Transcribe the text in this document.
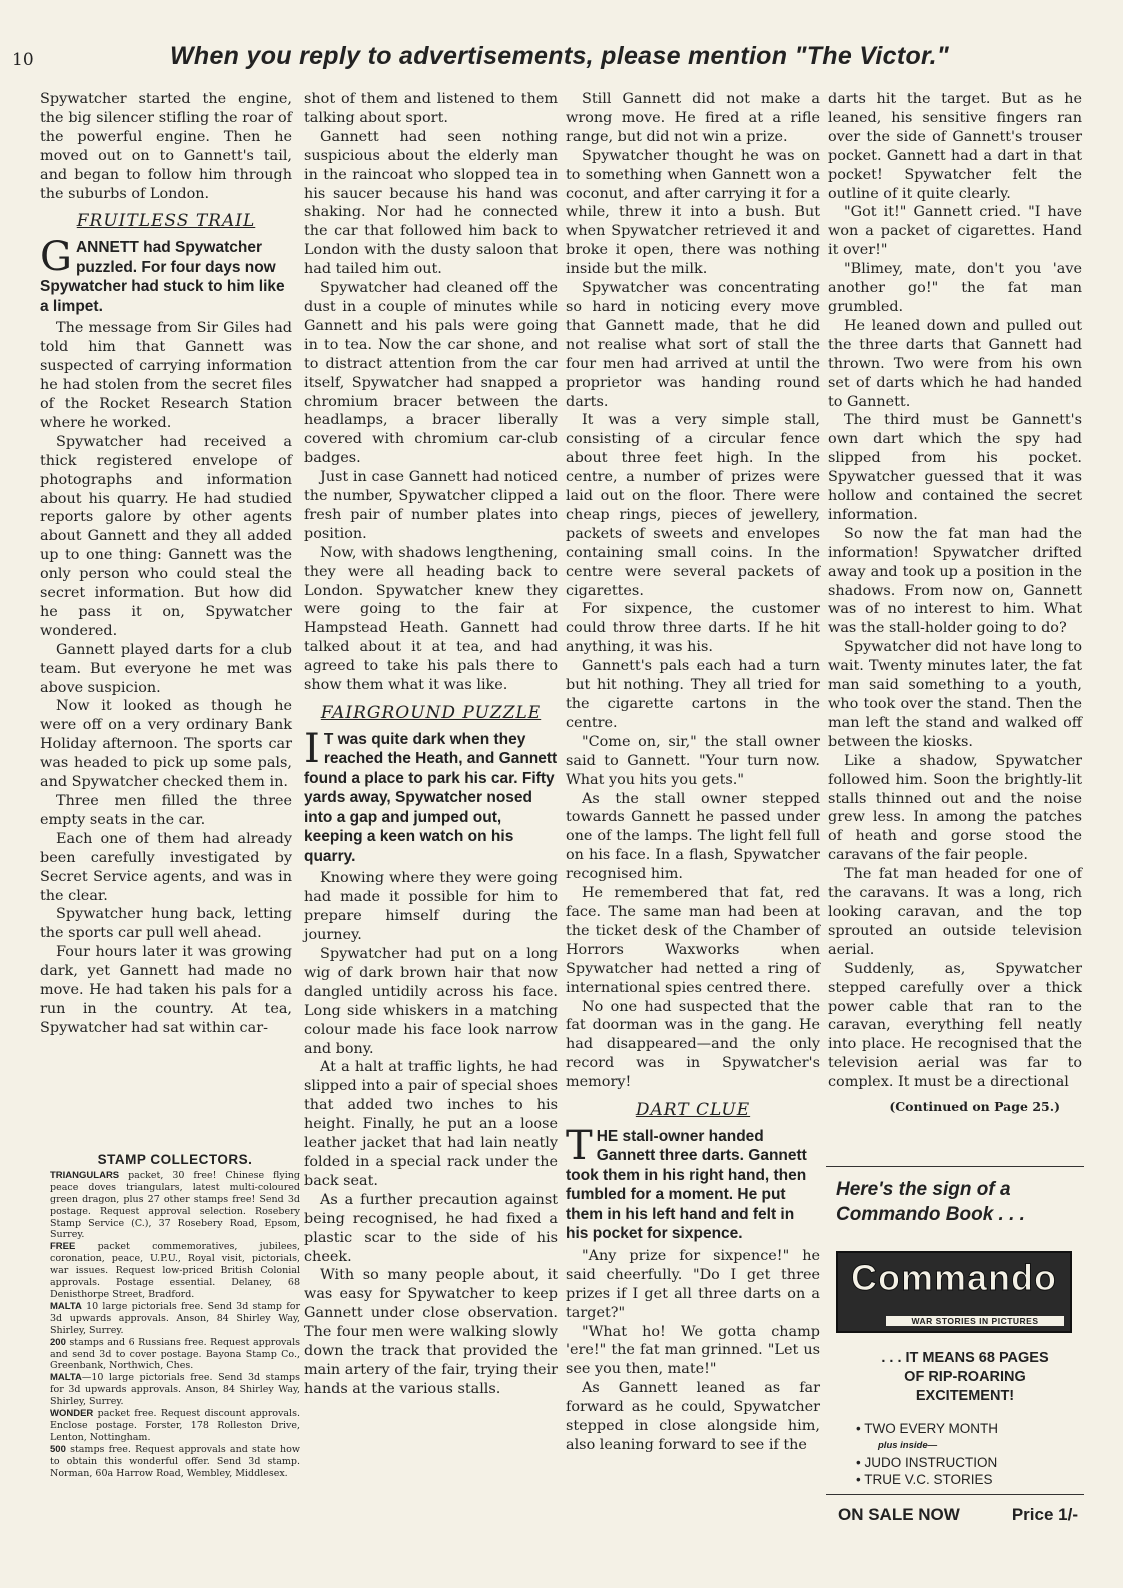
10	When you reply to advertisements, please mention "The Victor."

Spywatcher started the engine, the big silencer stifling the roar of the powerful engine. Then he moved out on to Gannett's tail, and began to follow him through the suburbs of London.

FRUITLESS TRAIL
GANNETT had Spywatcher puzzled. For four days now Spywatcher had stuck to him like a limpet.

The message from Sir Giles had told him that Gannett was suspected of carrying information he had stolen from the secret files of the Rocket Research Station where he worked.

Spywatcher had received a thick registered envelope of photographs and information about his quarry. He had studied reports galore by other agents about Gannett and they all added up to one thing: Gannett was the only person who could steal the secret information. But how did he pass it on, Spywatcher wondered.

Gannett played darts for a club team. But everyone he met was above suspicion.

Now it looked as though he were off on a very ordinary Bank Holiday afternoon. The sports car was headed to pick up some pals, and Spywatcher checked them in.

Three men filled the three empty seats in the car.

Each one of them had already been carefully investigated by Secret Service agents, and was in the clear.

Spywatcher hung back, letting the sports car pull well ahead.

Four hours later it was growing dark, yet Gannett had made no move. He had taken his pals for a run in the country. At tea, Spywatcher had sat within car-

STAMP COLLECTORS.

TRIANGULARS packet, 30 free! Chinese flying peace doves triangulars, latest multi-coloured green dragon, plus 27 other stamps free! Send 3d postage. Request approval selection. Rosebery Stamp Service (C.), 37 Rosebery Road, Epsom, Surrey.

FREE packet commemoratives, jubilees, coronation, peace, U.P.U., Royal visit, pictorials, war issues. Request low-priced British Colonial approvals. Postage essential. Delaney, 68 Denisthorpe Street, Bradford.

MALTA 10 large pictorials free. Send 3d stamp for 3d upwards approvals. Anson, 84 Shirley Way, Shirley, Surrey.

200 stamps and 6 Russians free. Request approvals and send 3d to cover postage. Bayona Stamp Co., Greenbank, Northwich, Ches.

MALTA—10 large pictorials free. Send 3d stamps for 3d upwards approvals. Anson, 84 Shirley Way, Shirley, Surrey.

WONDER packet free. Request discount approvals. Enclose postage. Forster, 178 Rolleston Drive, Lenton, Nottingham.

500 stamps free. Request approvals and state how to obtain this wonderful offer. Send 3d stamp. Norman, 60a Harrow Road, Wembley, Middlesex.

shot of them and listened to them talking about sport.

Gannett had seen nothing suspicious about the elderly man in the raincoat who slopped tea in his saucer because his hand was shaking. Nor had he connected the car that followed him back to London with the dusty saloon that had tailed him out.

Spywatcher had cleaned off the dust in a couple of minutes while Gannett and his pals were going in to tea. Now the car shone, and to distract attention from the car itself, Spywatcher had snapped a chromium bracer between the headlamps, a bracer liberally covered with chromium car-club badges.

Just in case Gannett had noticed the number, Spywatcher clipped a fresh pair of number plates into position.

Now, with shadows lengthening, they were all heading back to London. Spywatcher knew they were going to the fair at Hampstead Heath. Gannett had talked about it at tea, and had agreed to take his pals there to show them what it was like.

FAIRGROUND PUZZLE
I T was quite dark when they reached the Heath, and Gannett found a place to park his car. Fifty yards away, Spywatcher nosed into a gap and jumped out, keeping a keen watch on his quarry.

Knowing where they were going had made it possible for him to prepare himself during the journey.

Spywatcher had put on a long wig of dark brown hair that now dangled untidily across his face. Long side whiskers in a matching colour made his face look narrow and bony.

At a halt at traffic lights, he had slipped into a pair of special shoes that added two inches to his height. Finally, he put an a loose leather jacket that had lain neatly folded in a special rack under the back seat.

As a further precaution against being recognised, he had fixed a plastic scar to the side of his cheek.

With so many people about, it was easy for Spywatcher to keep Gannett under close observation. The four men were walking slowly down the track that provided the main artery of the fair, trying their hands at the various stalls.

Still Gannett did not make a wrong move. He fired at a rifle range, but did not win a prize.

Spywatcher thought he was on to something when Gannett won a coconut, and after carrying it for a while, threw it into a bush. But when Spywatcher retrieved it and broke it open, there was nothing inside but the milk.

Spywatcher was concentrating so hard in noticing every move that Gannett made, that he did not realise what sort of stall the four men had arrived at until the proprietor was handing round darts.

It was a very simple stall, consisting of a circular fence about three feet high. In the centre, a number of prizes were laid out on the floor. There were cheap rings, pieces of jewellery, packets of sweets and envelopes containing small coins. In the centre were several packets of cigarettes.

For sixpence, the customer could throw three darts. If he hit anything, it was his.

Gannett's pals each had a turn but hit nothing. They all tried for the cigarette cartons in the centre.

"Come on, sir," the stall owner said to Gannett. "Your turn now. What you hits you gets."

As the stall owner stepped towards Gannett he passed under one of the lamps. The light fell full on his face. In a flash, Spywatcher recognised him.

He remembered that fat, red face. The same man had been at the ticket desk of the Chamber of Horrors Waxworks when Spywatcher had netted a ring of international spies centred there.

No one had suspected that the fat doorman was in the gang. He had disappeared—and the only record was in Spywatcher's memory!

DART CLUE
THE stall-owner handed Gannett three darts. Gannett took them in his right hand, then fumbled for a moment. He put them in his left hand and felt in his pocket for sixpence.

"Any prize for sixpence!" he said cheerfully. "Do I get three prizes if I get all three darts on a target?"

"What ho! We gotta champ 'ere!" the fat man grinned. "Let us see you then, mate!"

As Gannett leaned as far forward as he could, Spywatcher stepped in close alongside him, also leaning forward to see if the

darts hit the target. But as he leaned, his sensitive fingers ran over the side of Gannett's trouser pocket. Gannett had a dart in that pocket! Spywatcher felt the outline of it quite clearly.

"Got it!" Gannett cried. "I have won a packet of cigarettes. Hand it over!"

"Blimey, mate, don't you 'ave another go!" the fat man grumbled.

He leaned down and pulled out the three darts that Gannett had thrown. Two were from his own set of darts which he had handed to Gannett.

The third must be Gannett's own dart which the spy had slipped from his pocket. Spywatcher guessed that it was hollow and contained the secret information.

So now the fat man had the information! Spywatcher drifted away and took up a position in the shadows. From now on, Gannett was of no interest to him. What was the stall-holder going to do?

Spywatcher did not have long to wait. Twenty minutes later, the fat man said something to a youth, who took over the stand. Then the man left the stand and walked off between the kiosks.

Like a shadow, Spywatcher followed him. Soon the brightly-lit stalls thinned out and the noise grew less. In among the patches of heath and gorse stood the caravans of the fair people.

The fat man headed for one of the caravans. It was a long, rich looking caravan, and the top sprouted an outside television aerial.

Suddenly, as, Spywatcher stepped carefully over a thick power cable that ran to the caravan, everything fell neatly into place. He recognised that the television aerial was far to complex. It must be a directional

(Continued on Page 25.)
Here's the sign of a
Commando Book . . .
Commando
WAR STORIES IN PICTURES
. . . IT MEANS 68 PAGES
OF RIP-ROARING
EXCITEMENT!
• TWO EVERY MONTH
plus inside—
• JUDO INSTRUCTION
• TRUE V.C. STORIES
ON SALE NOW	Price 1/-
